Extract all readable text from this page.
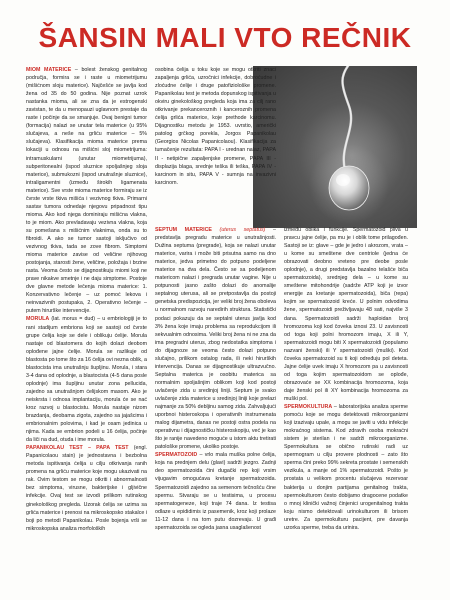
ŠANSIN MALI VTO REČNIK

MIOM MATERICE – bolest ženskog genitalnog područja, formira se i raste u miometrijumu (mišićnom sloju materice). Najčešće se javlja kod žena od 35 do 50 godina. Nije poznat uzrok nastanka mioma, ali se zna da je estrogenski zavistan, te da u menopauzi uglavnom prestaje da raste i počinje da se smanjuje. Ovaj benigni tumor (formacija) nalazi se unutar tela materice (u 95% slučajeva, a neše na grliću materice – 5% slučajeva). Klasifikacija mioma materice prema lokaciji u odnosu na mišićni sloj miometrijuma: intramuskularni (unutar miometrijuma), subperitonealni (ispod sluznice spoljašnjeg sloja materice), submukozni (ispod unutrašnje sluznice), intraligamentni (između širokih ligamenata materice). Sve vrste mioma materice formiraju se iz čvrste vrste tkiva mišića i vezivnog tkiva. Primarni sastav tumora odnedaje njegovu pripadnost tipu mioma. Ako kod njega dominiraju mišićna vlakna, to je miom. Ako prevladavaju vezivna vlakna, koja su pomešana s mišićnim vlaknima, onda su to fibroidi. A ako se tumor sastoji isključivo od vezivnog tkiva, tada se zove fibrom. Simptomi mioma materice zavise od veličine njihovog postojanja, starosti žene, veličine, položaja i brzine rasta. Veoma često se dijagnostikuju miomi koji ne prave nikakve smetnje i ne daju simptome. Postoje dve glavne metode lečenja mioma materice: 1. Konzervativno lečenje – uz pomoć lekova i neinvazivnih postupaka, 2. Operativno lečenje – putem hirurške intervencije.

MORULA (lat. morus = dud) – u embriologiji je to rani stadijum embriona koji se sastoji od čvrste grupe ćelija koje se dele i oblikuju ćelije. Morula nastaje od blastomera do kojih dolazi deobom oplođene jajne ćelije. Morula se razlikuje od blastosta po tome što za 16 ćelija ovi nezna oblik, a blastocista ima unutrašnju šupljinu. Morula, i stara 3-4 dana od oplodnje, a blastocista (4-5 dana posle oplodnje) ima šupljinu unutar zona pellucida, zajedno sa unutrašnjom ćelijskom masom. Ako je neiskrsta i odnosa implantaciju, morula će se nać kroz razvoj u blastocistu. Morula nastaje nizom brazdanja, deobama zigota, zajedno sa jajašcima i embrionalnim polovima, i kad je osam jedinica u njima. Kada se embrion podeli u 16 ćelija, počinje da liči na dud, otuda i ime morula.

PAPANIKOLAU TEST – PAPA TEST (engl. Papanicolaou stain) je jednostavna i bezbolna metoda ispitivanja ćelija u cilju otkrivanja ranih promena na grliću materice koje mogu ukazivati na rak. Ovim testom se mogu otkriti i abnormalnosti bez simptoma, virusne, bakterijske i gljivične infekcije. Ovaj test se izvodi prilikom rutinskog ginekološkog pregleda. Uzorak ćelija se uzima sa grlića materice i prenosi na mikroskopsko stakalce i boji po metodi Papanikolau. Posle bojenja vrši se mikroskopska analiza morfoloških

osobina ćelija u toku koje se mogu otkriti znaci zapaljenja grlića, uzročnici infekcije, dobroćudne i zloćudne ćelije i druge patofiziološke promene. Papanikolau test je metoda dopunskog ispitivanja u okviru ginekološkog pregleda koja ima za cilj rano otkrivanje prekanceroznih i kanceroznih promena ćelija grlića materice, koje prethode karcinomu. Dijagnostiku metodu je 1953. uvrstio, američki patolog grčkog porekla, Jorgos Papanikolau (Georgios Nicolas Papanicolaou). Klasifikacija za tumačenje rezultata: PAPA I - urednan nalaz, PAPA II - netipične zapaljenjske promene, PAPA III - displazija blaga, srednje teška ili teška, PAPA IV - karcinom in situ, PAPA V - sumnja na invazivni karcinom.

SEPTUM MATERICE (uterus septatus) – predstavlja pregradu materice u unutrašnjosti. Dužina septuma (pregrade), koja se nalazi unutar materice, varira i može biti prisutna samo na dno materice, jedva primetno do potpuno podeljene materice na dva dela. Često se sa podeljenom matericom nalazi i pregrada unutar vagine. Nije u potpunosti jasno zašto dolazi do anomalije septalnog uterusa, ali se pretpostavlja da postoji genetska predispozicija, jer veliki broj žena oboleva u normalnom razvoju naredirih struktura. Statistički podaci pokazuju da se septalni uterus javlja kod 3% žena koje imaju problema sa reprodukcijom ili sekvualnim odnosima. Veliki broj žena ni ne zna da ima pregradni uterus, zbog nedostatka simptoma i do dijagnoze se veoma često dolazi potpuno slučajno, prilikom ostalog rada, ili neki hirurških intervencija. Danas se dijagnostikuje ultrazvučno. Septalna materica je osobitu materica sa normalnim spoljašnjim oblikom koji kod postoji uvlačenje zida u sredinjoj liniji. Septum je svako uvlačenje zida materice u sredinjoj liniji koje prelazi najmanje za 50% debljinu samog zida. Zahvaljujući uporbnoi histeroskopa i operativnih instrumenata malog dijametra, danas ne postoji ostra podela na operativnu i dijagnostičku histeroskopiju, već je kao što je ranije navedeno moguće u istom aktu tretirati patološke promene, ukoliko postoje.

SPERMATOZOID – vrlo mala muška polne ćelija, koja na prednjem delu (glavi) sadrži jezgro. Zadnji deo spermatozoida čini dugački rep koji vrsim vijugavim omogućava kretanje spermatozoida. Spermatozoidi zajedno sa semenom tečnošću čine spermu. Stvaraju se u testisima, u procesu spermatogeneze, koji traje 74 dana. Iz testisa odlaze u epididimis iz pasemenik, kroz koji prolaze 11-12 dana i na tom putu dozrevaju. U građi spermatozoida se ogleda jasna usaglašenost

između oblika i funkcije. Spermatozoid pliva u pravcu jajne ćelije, pa mu je i oblik tome prilagođen. Sastoji se iz: glave – gde je jedro i akrozom, vrata – u kome su smeštene dve centriole (jedna će obrazovati deobno vreteno pre deobe posle oplodnje), a drugi predstavlja bazalno telašće biča spermatozoida), srednjeg dela – u kome su smeštene mitohondrije (sadrže ATP koji je izvor energije za kretanje spermatozoida), biča (repa) kojim se spermatozoid kreće. U polnim odvodima žene, spermatozoidi preživljavaju 48 sati, najviše 3 dana. Spermatozoidi sadrži haploidan broj hromozoma koji kod čoveka iznosi 23. U zavisnosti od toga koji polni hromozom imaju, X ili Y, spermatozoidi mogu biti X spermatozoidi (populamo nazvani ženski) ili Y spermatozoidi (muški). Kod čoveka spermatozoid su ti koji određuju pol deteta. Jajne ćelije uvek imaju X hromozom pa u zavisnosti od toga kojim spermatozoidom se oplođe, obrazovaće se XX kombinacija hromozoma, koja daje ženski pol ili XY kombinacija hromozoma za muški pol.

SPERMOKULTURA – laboratorijska analiza sperme pomoću koje se mogu detektovati mikroorganizmi koji izazivaju upale, a mogu se javiti u vidu infekcije mokraćnog sistema. Kod zdravih osoba mokraćni sistem je sterilan i ne sadrži mikroorganizme. Spermokultura se obično rutinski radi uz spermogram u cilju provere plodnosti – zato što sperma čini preko 99% sekreta prostate i semenskih vezikula, a manje od 1% spermatozoidi. Pošto je prostata u velikom procentu slučajeva rezervoar bakterija u donjim partijama genitalnog trakta, spermokulturom često dobijamo dragocene podatke o mnoj klinički važnoj činjenici urogenitalnog trakta koju nismo detektovali urinokulturom ili brisom uretre. Za spermokulturu pacijent, pre davanja uzorka sperme, treba da urinira.
